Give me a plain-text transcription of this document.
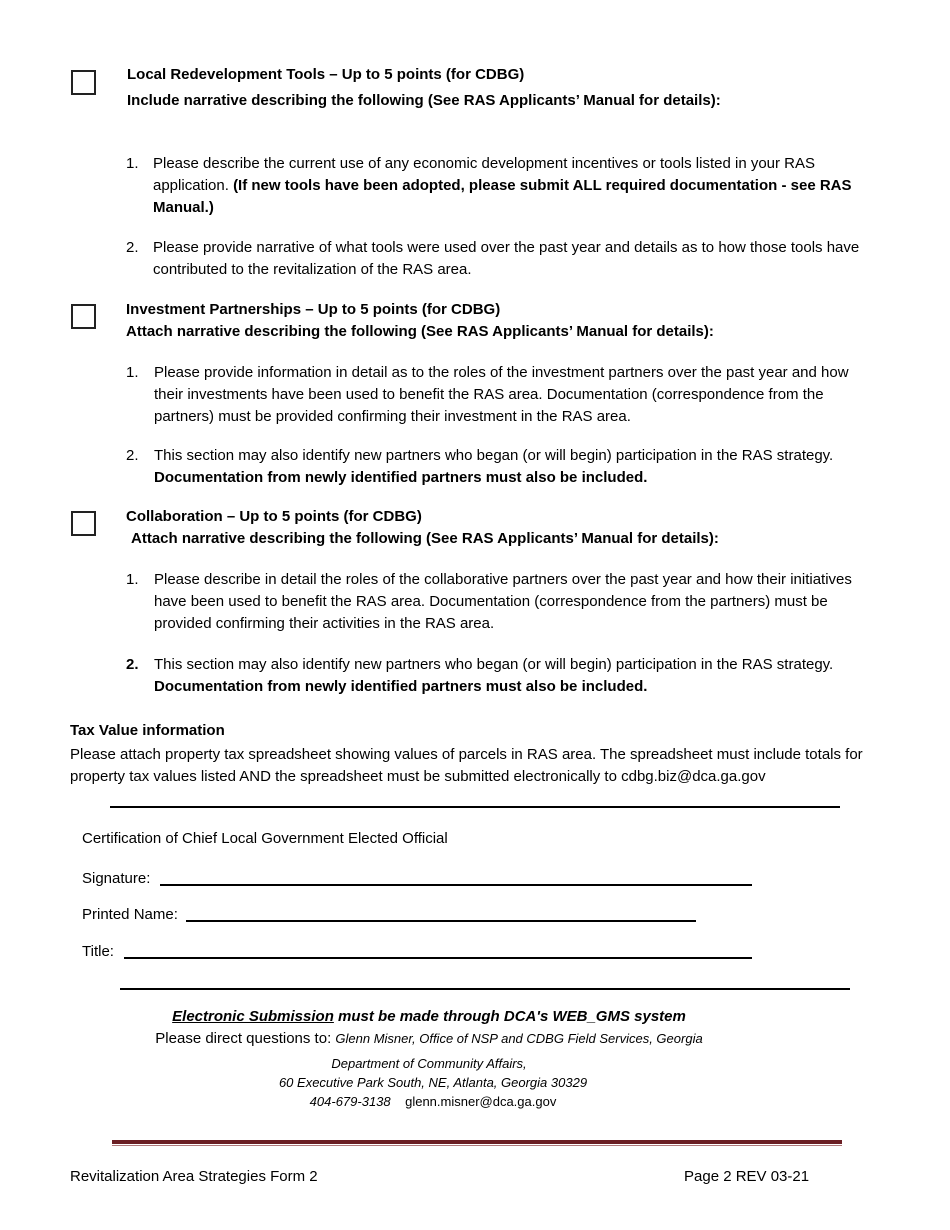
Local Redevelopment Tools – Up to 5 points (for CDBG)
Include narrative describing the following (See RAS Applicants’ Manual for details):
1. Please describe the current use of any economic development incentives or tools listed in your RAS application. (If new tools have been adopted, please submit ALL required documentation - see RAS Manual.)
2. Please provide narrative of what tools were used over the past year and details as to how those tools have contributed to the revitalization of the RAS area.
Investment Partnerships – Up to 5 points (for CDBG)
Attach narrative describing the following (See RAS Applicants’ Manual for details):
1.	Please provide information in detail as to the roles of the investment partners over the past year and how their investments have been used to benefit the RAS area. Documentation (correspondence from the partners) must be provided confirming their investment in the RAS area.
2.	This section may also identify new partners who began (or will begin) participation in the RAS strategy.
Documentation from newly identified partners must also be included.
Collaboration – Up to 5 points (for CDBG)
Attach narrative describing the following (See RAS Applicants’ Manual for details):
1.	Please describe in detail the roles of the collaborative partners over the past year and how their initiatives have been used to benefit the RAS area. Documentation (correspondence from the partners) must be provided confirming their activities in the RAS area.
2.	This section may also identify new partners who began (or will begin) participation in the RAS strategy.
Documentation from newly identified partners must also be included.
Tax Value information
Please attach property tax spreadsheet showing values of parcels in RAS area. The spreadsheet must include totals for property tax values listed AND the spreadsheet must be submitted electronically to cdbg.biz@dca.ga.gov
Certification of Chief Local Government Elected Official
Signature:
Printed Name:
Title:
Electronic Submission must be made through DCA's WEB_GMS system
Please direct questions to: Glenn Misner, Office of NSP and CDBG Field Services, Georgia
Department of Community Affairs,
60 Executive Park South, NE, Atlanta, Georgia 30329
404-679-3138 glenn.misner@dca.ga.gov
Revitalization Area Strategies Form 2	Page 2 REV 03-21
